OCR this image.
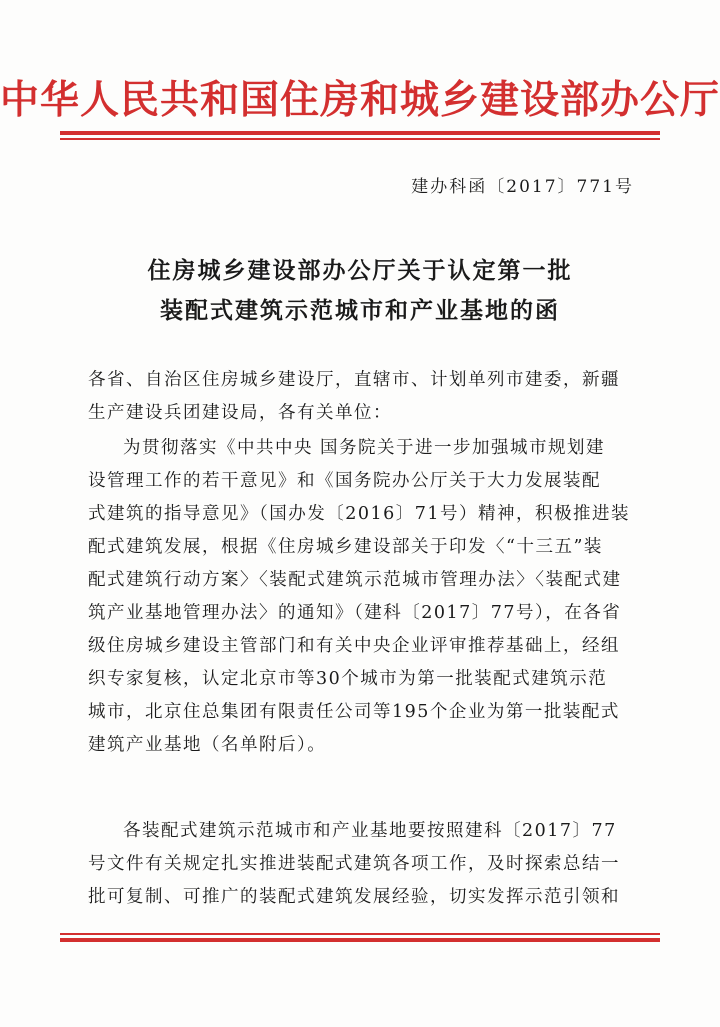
中华人民共和国住房和城乡建设部办公厅
建办科函〔2017〕771号
住房城乡建设部办公厅关于认定第一批
装配式建筑示范城市和产业基地的函
各省、自治区住房城乡建设厅，直辖市、计划单列市建委，新疆
生产建设兵团建设局，各有关单位：
为贯彻落实《中共中央 国务院关于进一步加强城市规划建
设管理工作的若干意见》和《国务院办公厅关于大力发展装配
式建筑的指导意见》（国办发〔2016〕71号）精神，积极推进装
配式建筑发展，根据《住房城乡建设部关于印发〈“十三五”装
配式建筑行动方案〉〈装配式建筑示范城市管理办法〉〈装配式建
筑产业基地管理办法〉的通知》（建科〔2017〕77号），在各省
级住房城乡建设主管部门和有关中央企业评审推荐基础上，经组
织专家复核，认定北京市等30个城市为第一批装配式建筑示范
城市，北京住总集团有限责任公司等195个企业为第一批装配式
建筑产业基地（名单附后）。
各装配式建筑示范城市和产业基地要按照建科〔2017〕77
号文件有关规定扎实推进装配式建筑各项工作，及时探索总结一
批可复制、可推广的装配式建筑发展经验，切实发挥示范引领和
